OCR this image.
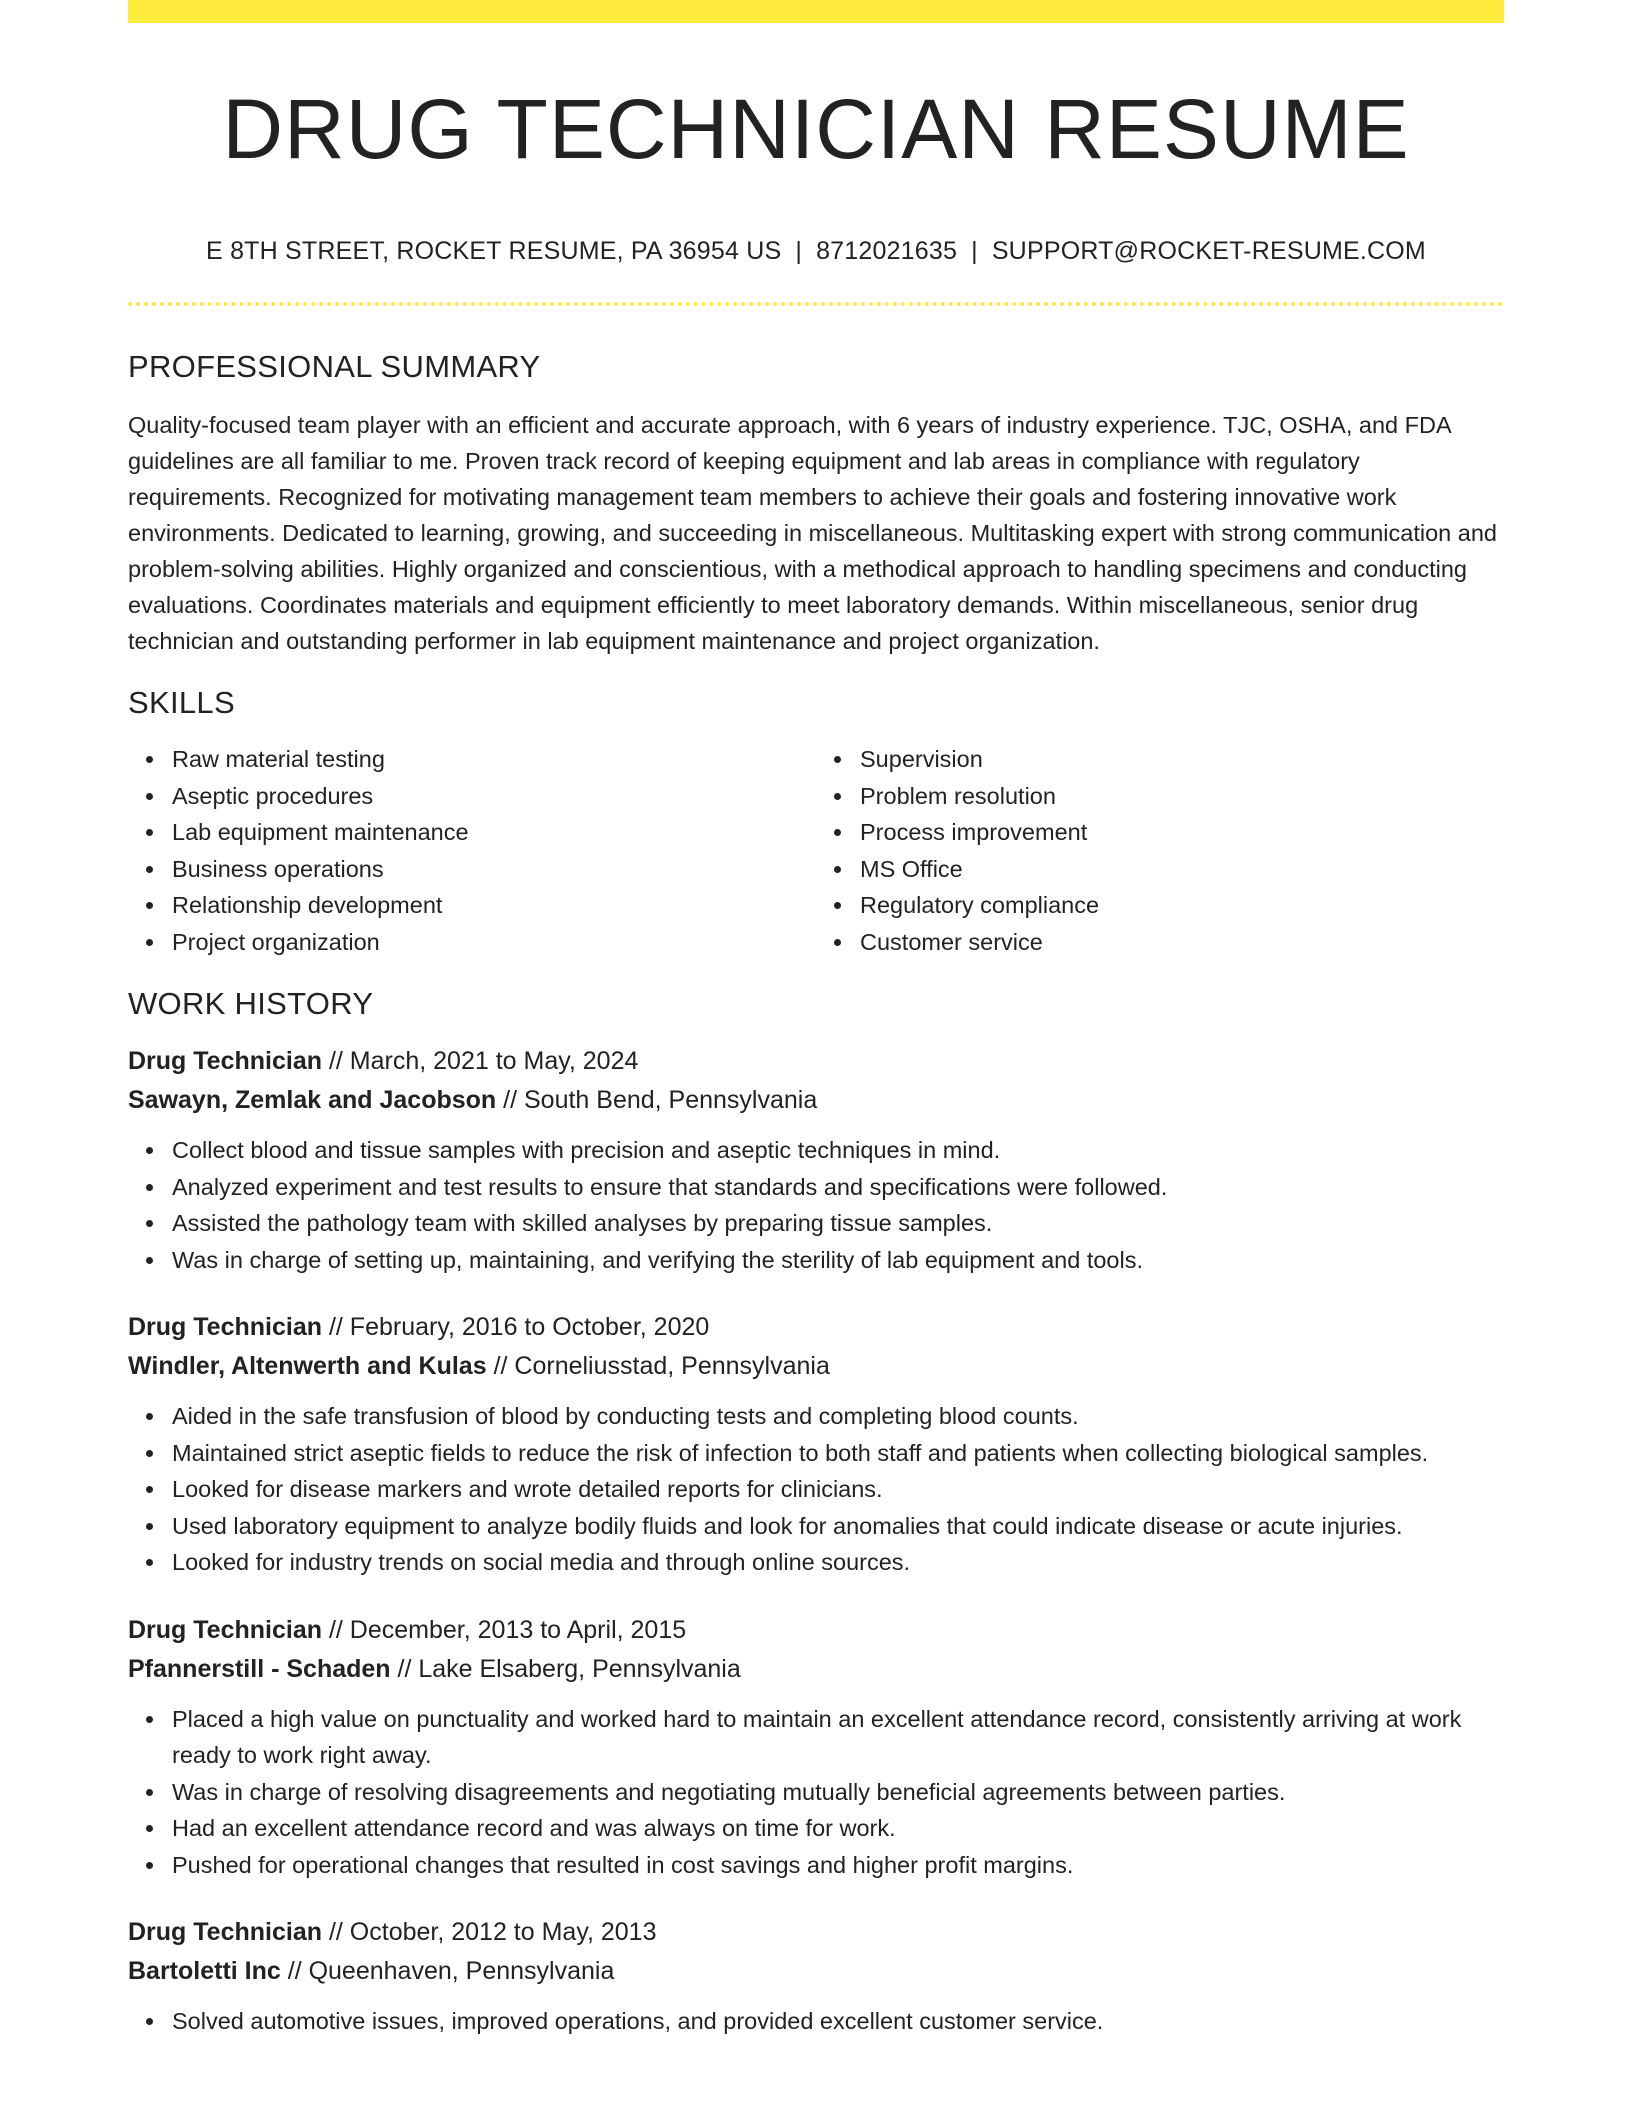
DRUG TECHNICIAN RESUME
E 8TH STREET, ROCKET RESUME, PA 36954 US | 8712021635 | SUPPORT@ROCKET-RESUME.COM
PROFESSIONAL SUMMARY

Quality-focused team player with an efficient and accurate approach, with 6 years of industry experience. TJC, OSHA, and FDA guidelines are all familiar to me. Proven track record of keeping equipment and lab areas in compliance with regulatory requirements. Recognized for motivating management team members to achieve their goals and fostering innovative work environments. Dedicated to learning, growing, and succeeding in miscellaneous. Multitasking expert with strong communication and problem-solving abilities. Highly organized and conscientious, with a methodical approach to handling specimens and conducting evaluations. Coordinates materials and equipment efficiently to meet laboratory demands. Within miscellaneous, senior drug technician and outstanding performer in lab equipment maintenance and project organization.

SKILLS
Raw material testing
Aseptic procedures
Lab equipment maintenance
Business operations
Relationship development
Project organization
Supervision
Problem resolution
Process improvement
MS Office
Regulatory compliance
Customer service
WORK HISTORY
Drug Technician // March, 2021 to May, 2024
Sawayn, Zemlak and Jacobson // South Bend, Pennsylvania
Collect blood and tissue samples with precision and aseptic techniques in mind.
Analyzed experiment and test results to ensure that standards and specifications were followed.
Assisted the pathology team with skilled analyses by preparing tissue samples.
Was in charge of setting up, maintaining, and verifying the sterility of lab equipment and tools.
Drug Technician // February, 2016 to October, 2020
Windler, Altenwerth and Kulas // Corneliusstad, Pennsylvania
Aided in the safe transfusion of blood by conducting tests and completing blood counts.
Maintained strict aseptic fields to reduce the risk of infection to both staff and patients when collecting biological samples.
Looked for disease markers and wrote detailed reports for clinicians.
Used laboratory equipment to analyze bodily fluids and look for anomalies that could indicate disease or acute injuries.
Looked for industry trends on social media and through online sources.
Drug Technician // December, 2013 to April, 2015
Pfannerstill - Schaden // Lake Elsaberg, Pennsylvania
Placed a high value on punctuality and worked hard to maintain an excellent attendance record, consistently arriving at work ready to work right away.
Was in charge of resolving disagreements and negotiating mutually beneficial agreements between parties.
Had an excellent attendance record and was always on time for work.
Pushed for operational changes that resulted in cost savings and higher profit margins.
Drug Technician // October, 2012 to May, 2013
Bartoletti Inc // Queenhaven, Pennsylvania
Solved automotive issues, improved operations, and provided excellent customer service.
